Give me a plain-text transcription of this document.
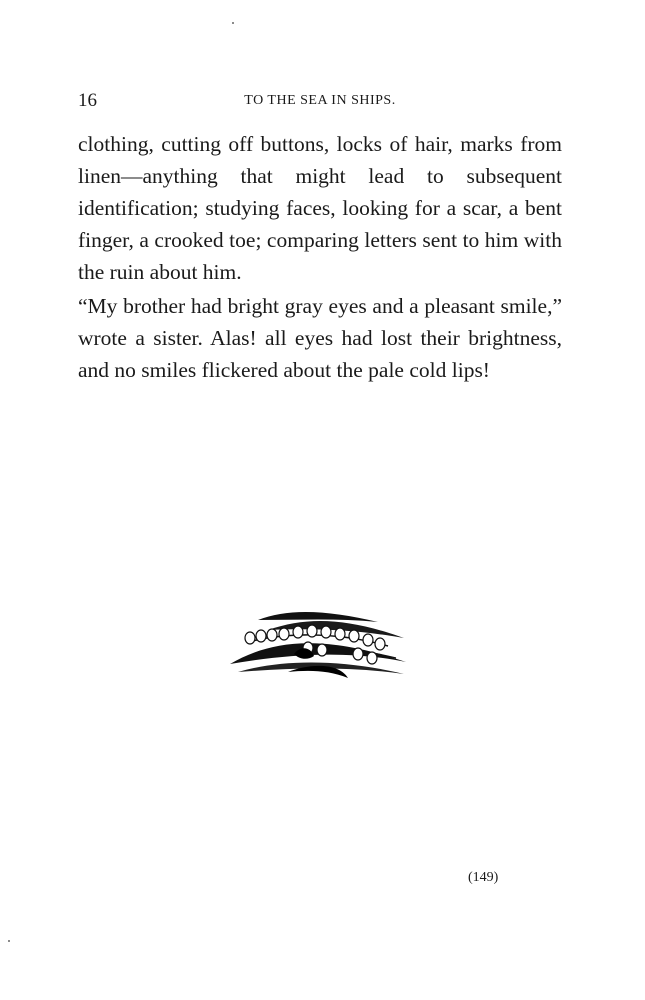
16	TO THE SEA IN SHIPS.

clothing, cutting off buttons, locks of hair, marks from linen—anything that might lead to subsequent identification; studying faces, looking for a scar, a bent finger, a crooked toe; comparing letters sent to him with the ruin about him.

“My brother had bright gray eyes and a pleasant smile,” wrote a sister. Alas! all eyes had lost their brightness, and no smiles flickered about the pale cold lips!

(149)
